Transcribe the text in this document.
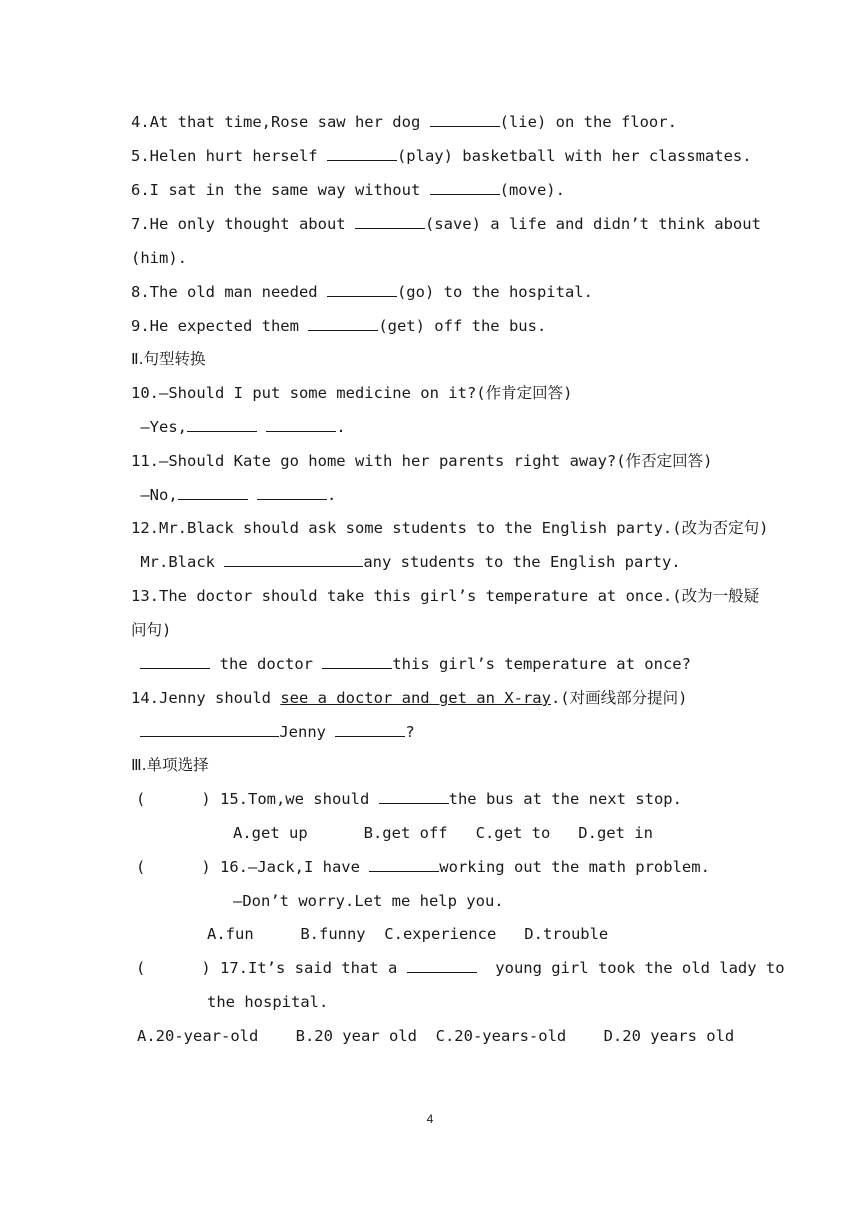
4.At that time,Rose saw her dog	(lie) on the floor.
5.Helen hurt herself	(play) basketball with her classmates.
6.I sat in the same way without	(move).
7.He only thought about	(save) a life and didn’t think about
(him).
8.The old man needed	(go) to the hospital.
9.He expected them	(get) off the bus.
Ⅱ.句型转换
10.—Should I put some medicine on it?(作肯定回答)
—Yes,	.
11.—Should Kate go home with her parents right away?(作否定回答)
—No,	.
12.Mr.Black should ask some students to the English party.(改为否定句)
Mr.Black	any students to the English party.
13.The doctor should take this girl’s temperature at once.(改为一般疑
问句)
the doctor	this girl’s temperature at once?
14.Jenny should see a doctor and get an X-ray.(对画线部分提问)
Jenny	?
Ⅲ.单项选择
(      ) 15.Tom,we should	the bus at the next stop.
A.get up      B.get off   C.get to   D.get in
(      ) 16.—Jack,I have	working out the math problem.
—Don’t worry.Let me help you.
A.fun     B.funny  C.experience   D.trouble
(      ) 17.It’s said that a	young girl took the old lady to
the hospital.
A.20-year-old    B.20 year old  C.20-years-old    D.20 years old
4
